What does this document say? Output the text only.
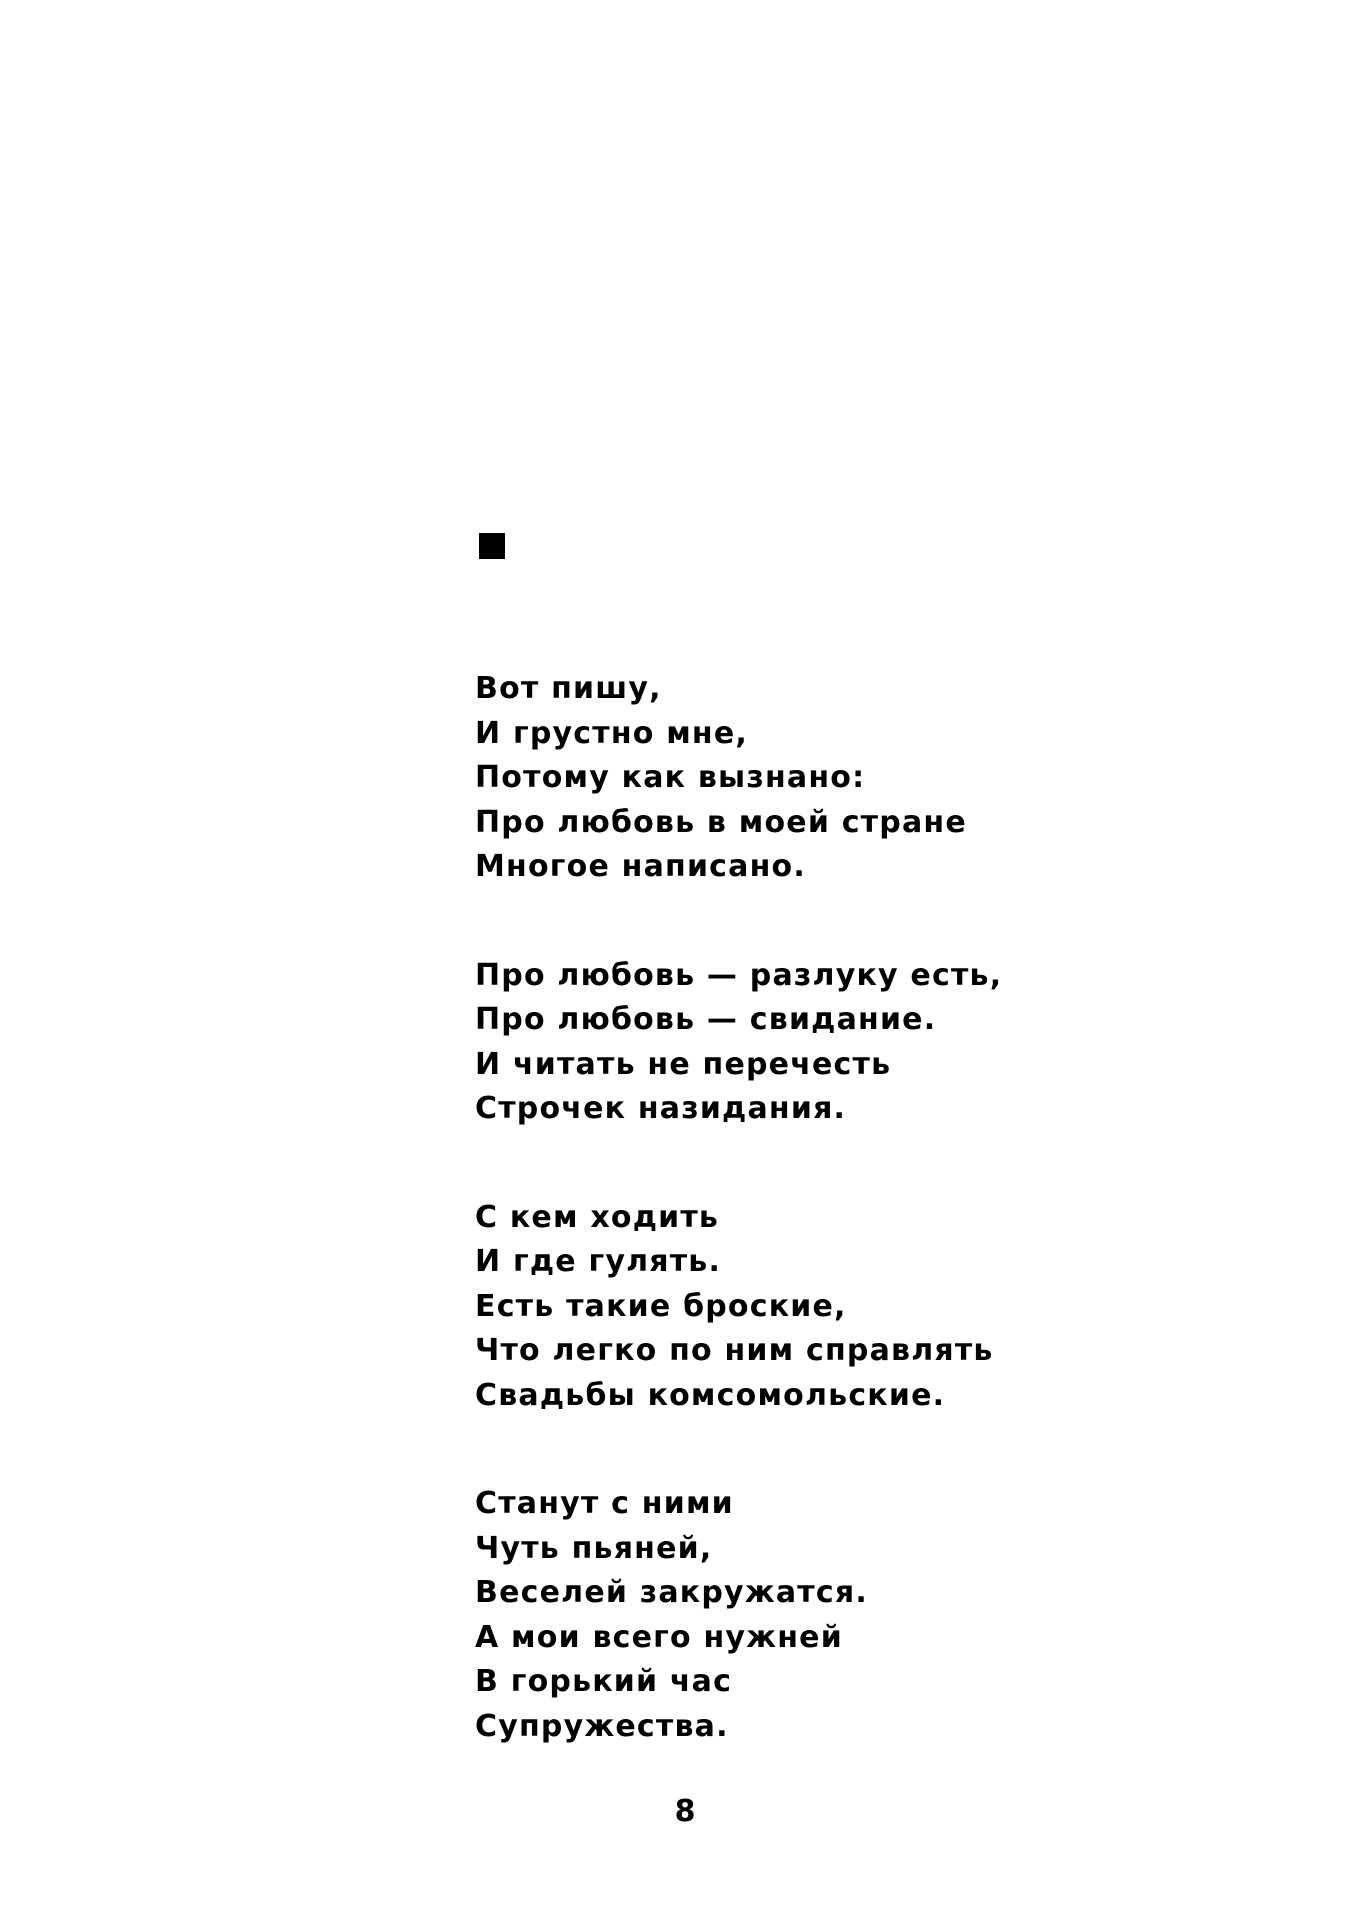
Вот пишу,
И грустно мне,
Потому как вызнано:
Про любовь в моей стране
Многое написано.
Про любовь — разлуку есть,
Про любовь — свидание.
И читать не перечесть
Строчек назидания.
С кем ходить
И где гулять.
Есть такие броские,
Что легко по ним справлять
Свадьбы комсомольские.
Станут с ними
Чуть пьяней,
Веселей закружатся.
А мои всего нужней
В горький час
Супружества.
8
